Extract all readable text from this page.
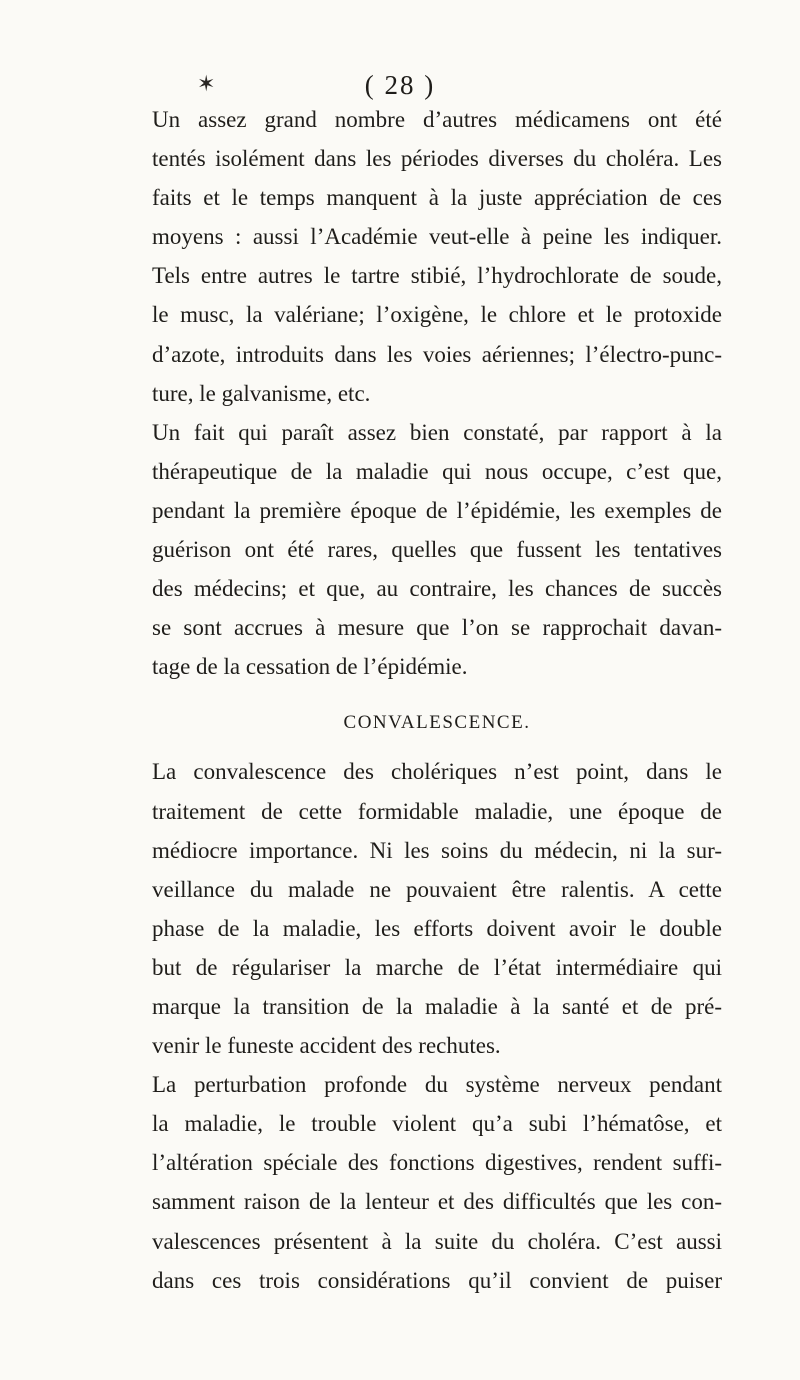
✶	( 28 )
Un assez grand nombre d’autres médicamens ont été
tentés isolément dans les périodes diverses du choléra. Les
faits et le temps manquent à la juste appréciation de ces
moyens : aussi l’Académie veut-elle à peine les indiquer.
Tels entre autres le tartre stibié, l’hydrochlorate de soude,
le musc, la valériane; l’oxigène, le chlore et le protoxide
d’azote, introduits dans les voies aériennes; l’électro-punc-
ture, le galvanisme, etc.
Un fait qui paraît assez bien constaté, par rapport à la
thérapeutique de la maladie qui nous occupe, c’est que,
pendant la première époque de l’épidémie, les exemples de
guérison ont été rares, quelles que fussent les tentatives
des médecins; et que, au contraire, les chances de succès
se sont accrues à mesure que l’on se rapprochait davan-
tage de la cessation de l’épidémie.
CONVALESCENCE.
La convalescence des cholériques n’est point, dans le
traitement de cette formidable maladie, une époque de
médiocre importance. Ni les soins du médecin, ni la sur-
veillance du malade ne pouvaient être ralentis. A cette
phase de la maladie, les efforts doivent avoir le double
but de régulariser la marche de l’état intermédiaire qui
marque la transition de la maladie à la santé et de pré-
venir le funeste accident des rechutes.
La perturbation profonde du système nerveux pendant
la maladie, le trouble violent qu’a subi l’hématôse, et
l’altération spéciale des fonctions digestives, rendent suffi-
samment raison de la lenteur et des difficultés que les con-
valescences présentent à la suite du choléra. C’est aussi
dans ces trois considérations qu’il convient de puiser
